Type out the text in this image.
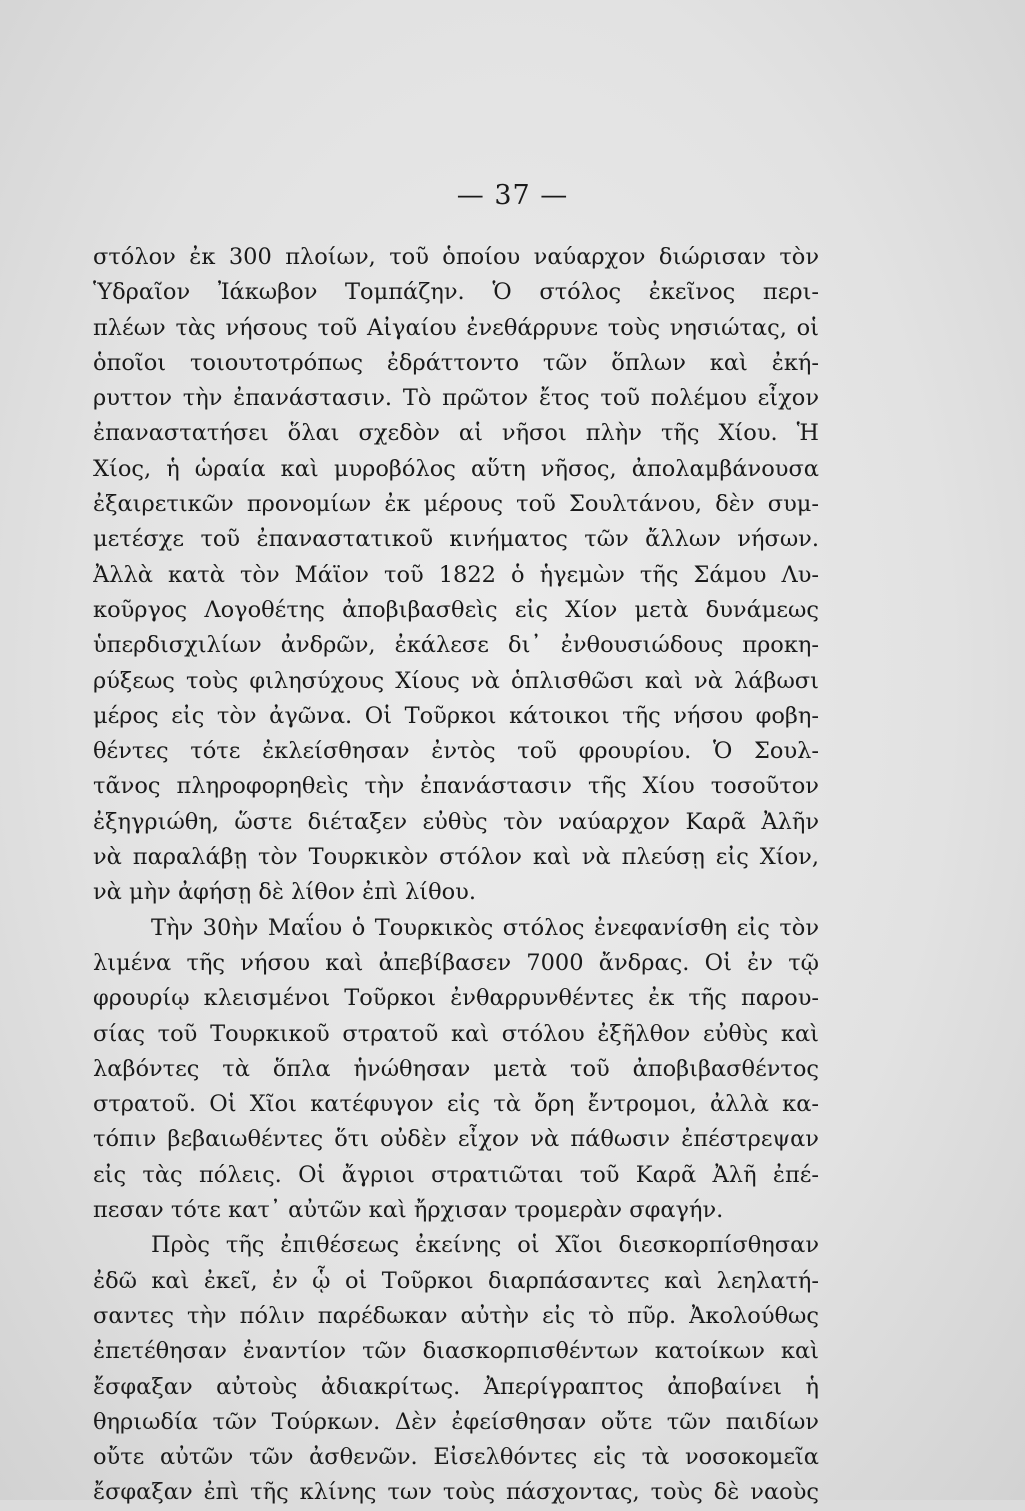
— 37 —
στόλον ἐκ 300 πλοίων, τοῦ ὁποίου ναύαρχον διώρισαν τὸν
Ὑδραῖον Ἰάκωβον Τομπάζην. Ὁ στόλος ἐκεῖνος περι-
πλέων τὰς νήσους τοῦ Αἰγαίου ἐνεθάρρυνε τοὺς νησιώτας, οἱ
ὁποῖοι τοιουτοτρόπως ἐδράττοντο τῶν ὅπλων καὶ ἐκή-
ρυττον τὴν ἐπανάστασιν. Τὸ πρῶτον ἔτος τοῦ πολέμου εἶχον
ἐπαναστατήσει ὅλαι σχεδὸν αἱ νῆσοι πλὴν τῆς Χίου. Ἡ
Χίος, ἡ ὡραία καὶ μυροβόλος αὕτη νῆσος, ἀπολαμβάνουσα
ἐξαιρετικῶν προνομίων ἐκ μέρους τοῦ Σουλτάνου, δὲν συμ-
μετέσχε τοῦ ἐπαναστατικοῦ κινήματος τῶν ἄλλων νήσων.
Ἀλλὰ κατὰ τὸν Μάϊον τοῦ 1822 ὁ ἡγεμὼν τῆς Σάμου Λυ-
κοῦργος Λογοθέτης ἀποβιβασθεὶς εἰς Χίον μετὰ δυνάμεως
ὑπερδισχιλίων ἀνδρῶν, ἐκάλεσε δι᾽ ἐνθουσιώδους προκη-
ρύξεως τοὺς φιλησύχους Χίους νὰ ὁπλισθῶσι καὶ νὰ λάβωσι
μέρος εἰς τὸν ἀγῶνα. Οἱ Τοῦρκοι κάτοικοι τῆς νήσου φοβη-
θέντες τότε ἐκλείσθησαν ἐντὸς τοῦ φρουρίου. Ὁ Σουλ-
τᾶνος πληροφορηθεὶς τὴν ἐπανάστασιν τῆς Χίου τοσοῦτον
ἐξηγριώθη, ὥστε διέταξεν εὐθὺς τὸν ναύαρχον Καρᾶ Ἀλῆν
νὰ παραλάβῃ τὸν Τουρκικὸν στόλον καὶ νὰ πλεύσῃ εἰς Χίον,
νὰ μὴν ἀφήσῃ δὲ λίθον ἐπὶ λίθου.
Τὴν 30ὴν Μαΐου ὁ Τουρκικὸς στόλος ἐνεφανίσθη εἰς τὸν
λιμένα τῆς νήσου καὶ ἀπεβίβασεν 7000 ἄνδρας. Οἱ ἐν τῷ
φρουρίῳ κλεισμένοι Τοῦρκοι ἐνθαρρυνθέντες ἐκ τῆς παρου-
σίας τοῦ Τουρκικοῦ στρατοῦ καὶ στόλου ἐξῆλθον εὐθὺς καὶ
λαβόντες τὰ ὅπλα ἡνώθησαν μετὰ τοῦ ἀποβιβασθέντος
στρατοῦ. Οἱ Χῖοι κατέφυγον εἰς τὰ ὄρη ἔντρομοι, ἀλλὰ κα-
τόπιν βεβαιωθέντες ὅτι οὐδὲν εἶχον νὰ πάθωσιν ἐπέστρεψαν
εἰς τὰς πόλεις. Οἱ ἄγριοι στρατιῶται τοῦ Καρᾶ Ἀλῆ ἐπέ-
πεσαν τότε κατ᾽ αὐτῶν καὶ ἤρχισαν τρομερὰν σφαγήν.
Πρὸς τῆς ἐπιθέσεως ἐκείνης οἱ Χῖοι διεσκορπίσθησαν
ἐδῶ καὶ ἐκεῖ, ἐν ᾧ οἱ Τοῦρκοι διαρπάσαντες καὶ λεηλατή-
σαντες τὴν πόλιν παρέδωκαν αὐτὴν εἰς τὸ πῦρ. Ἀκολούθως
ἐπετέθησαν ἐναντίον τῶν διασκορπισθέντων κατοίκων καὶ
ἔσφαξαν αὐτοὺς ἀδιακρίτως. Ἀπερίγραπτος ἀποβαίνει ἡ
θηριωδία τῶν Τούρκων. Δὲν ἐφείσθησαν οὔτε τῶν παιδίων
οὔτε αὐτῶν τῶν ἀσθενῶν. Εἰσελθόντες εἰς τὰ νοσοκομεῖα
ἔσφαξαν ἐπὶ τῆς κλίνης των τοὺς πάσχοντας, τοὺς δὲ ναοὺς
